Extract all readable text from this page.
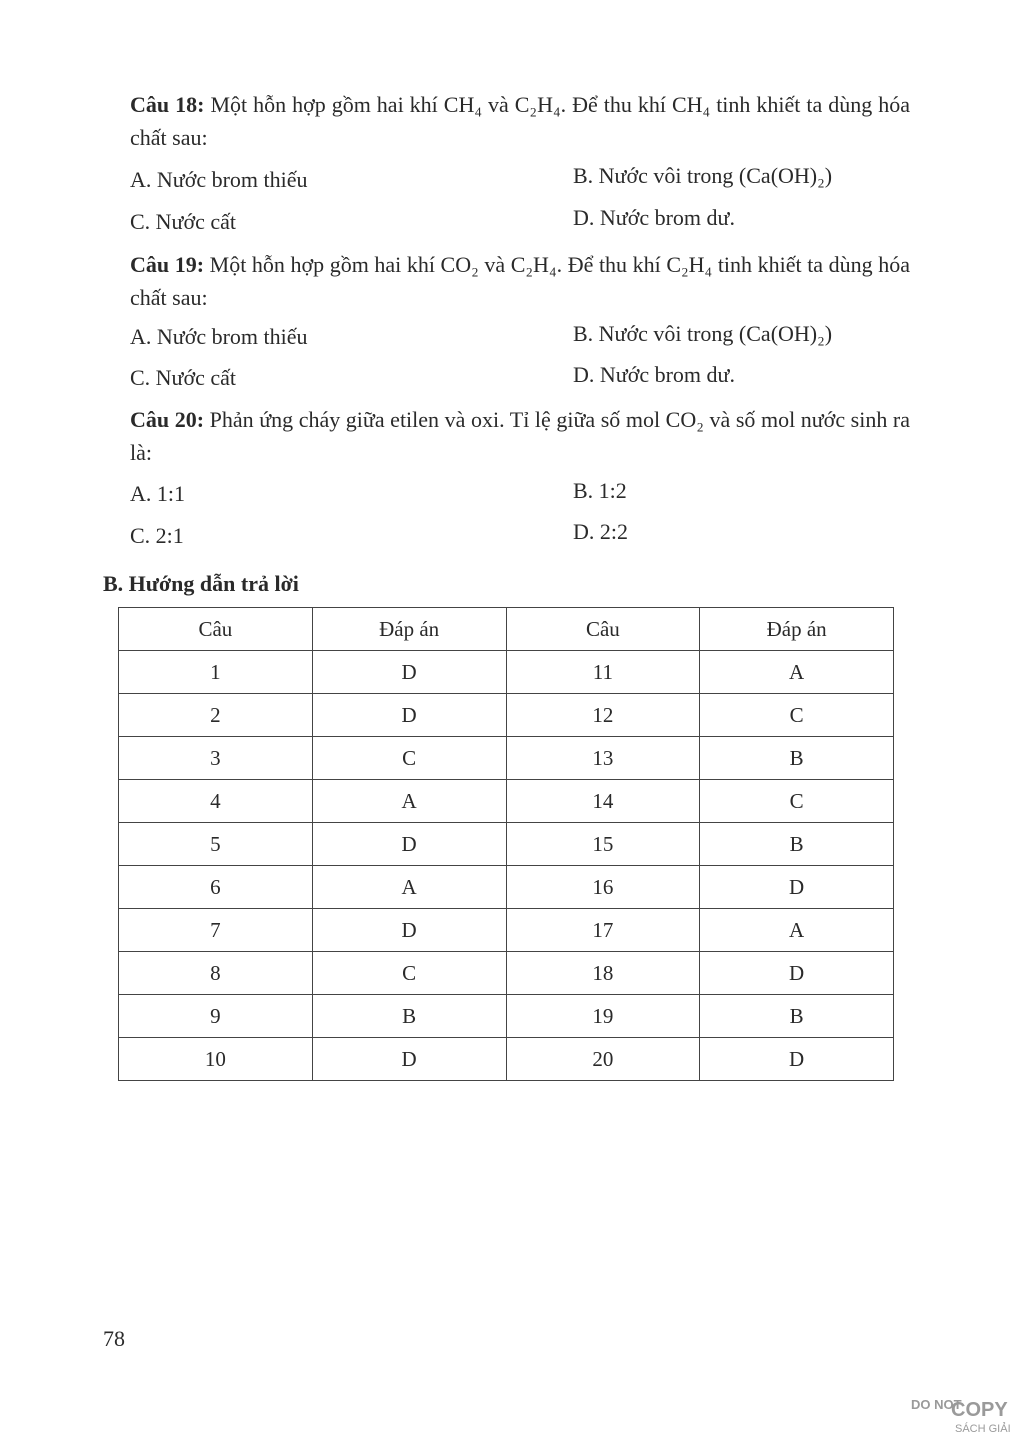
Câu 18: Một hỗn hợp gồm hai khí CH₄ và C₂H₄. Để thu khí CH₄ tinh khiết ta dùng hóa chất sau:
A. Nước brom thiếu	B. Nước vôi trong (Ca(OH)₂)
C. Nước cất	D. Nước brom dư.
Câu 19: Một hỗn hợp gồm hai khí CO₂ và C₂H₄. Để thu khí C₂H₄ tinh khiết ta dùng hóa chất sau:
A. Nước brom thiếu	B. Nước vôi trong (Ca(OH)₂)
C. Nước cất	D. Nước brom dư.
Câu 20: Phản ứng cháy giữa etilen và oxi. Tỉ lệ giữa số mol CO₂ và số mol nước sinh ra là:
A. 1:1	B. 1:2
C. 2:1	D. 2:2
B. Hướng dẫn trả lời
Câu	Đáp án	Câu	Đáp án
1	D	11	A
2	D	12	C
3	C	13	B
4	A	14	C
5	D	15	B
6	A	16	D
7	D	17	A
8	C	18	D
9	B	19	B
10	D	20	D
78
DO NOT
COPY
SÁCH GIẢI
